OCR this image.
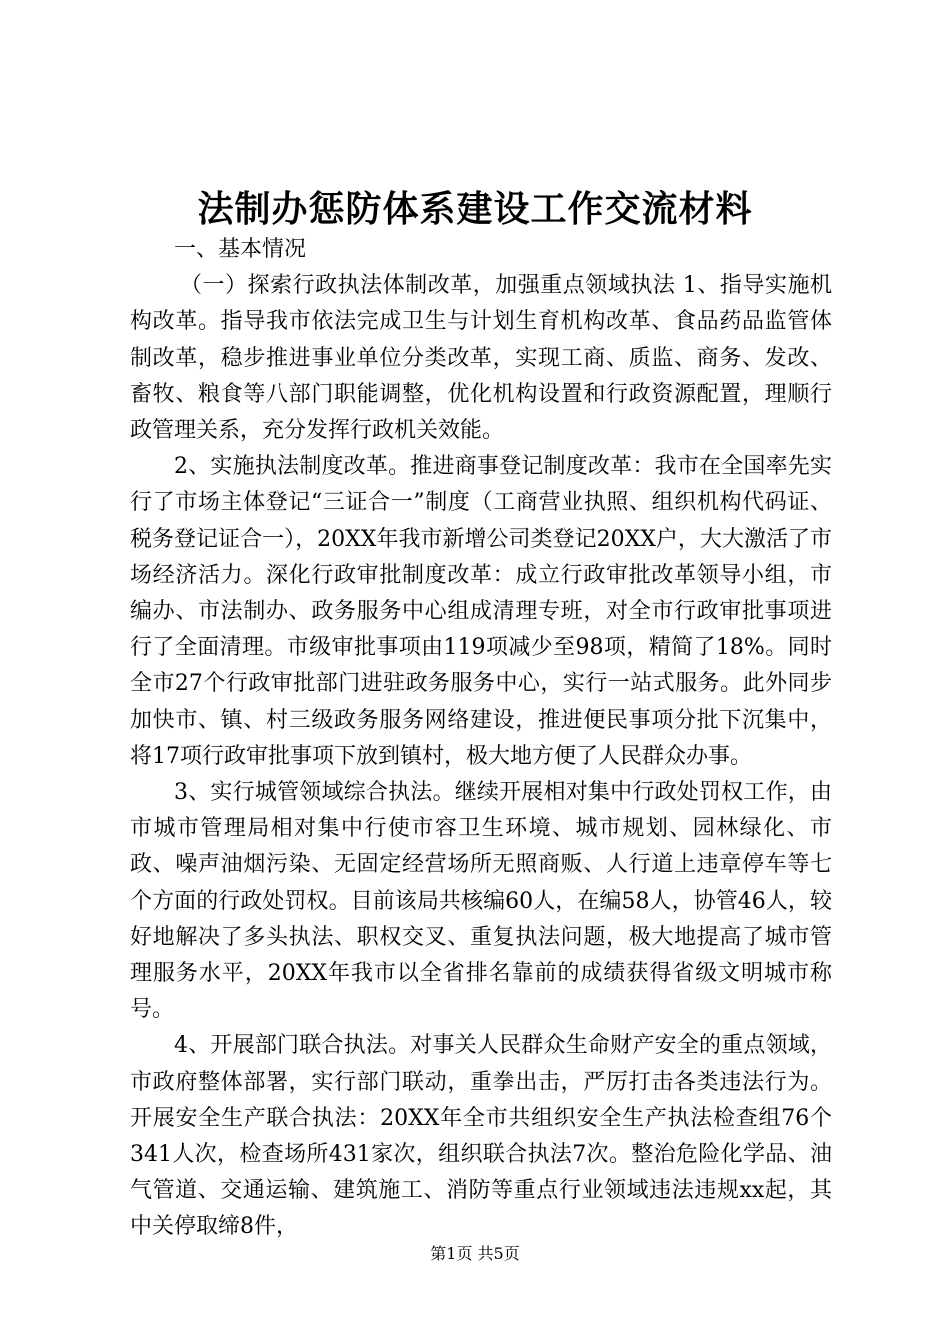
法制办惩防体系建设工作交流材料

一、基本情况

（一）探索行政执法体制改革，加强重点领域执法 1、指导实施机构改革。指导我市依法完成卫生与计划生育机构改革、食品药品监管体制改革，稳步推进事业单位分类改革，实现工商、质监、商务、发改、畜牧、粮食等八部门职能调整，优化机构设置和行政资源配置，理顺行政管理关系，充分发挥行政机关效能。

2、实施执法制度改革。推进商事登记制度改革：我市在全国率先实行了市场主体登记“三证合一”制度（工商营业执照、组织机构代码证、税务登记证合一），20XX年我市新增公司类登记20XX户，大大激活了市场经济活力。深化行政审批制度改革：成立行政审批改革领导小组，市编办、市法制办、政务服务中心组成清理专班，对全市行政审批事项进行了全面清理。市级审批事项由119项减少至98项，精简了18%。同时全市27个行政审批部门进驻政务服务中心，实行一站式服务。此外同步加快市、镇、村三级政务服务网络建设，推进便民事项分批下沉集中，将17项行政审批事项下放到镇村，极大地方便了人民群众办事。

3、实行城管领域综合执法。继续开展相对集中行政处罚权工作，由市城市管理局相对集中行使市容卫生环境、城市规划、园林绿化、市政、噪声油烟污染、无固定经营场所无照商贩、人行道上违章停车等七个方面的行政处罚权。目前该局共核编60人，在编58人，协管46人，较好地解决了多头执法、职权交叉、重复执法问题，极大地提高了城市管理服务水平，20XX年我市以全省排名靠前的成绩获得省级文明城市称号。

4、开展部门联合执法。对事关人民群众生命财产安全的重点领域，市政府整体部署，实行部门联动，重拳出击，严厉打击各类违法行为。开展安全生产联合执法：20XX年全市共组织安全生产执法检查组76个341人次，检查场所431家次，组织联合执法7次。整治危险化学品、油气管道、交通运输、建筑施工、消防等重点行业领域违法违规xx起，其中关停取缔8件，

第1页 共5页
